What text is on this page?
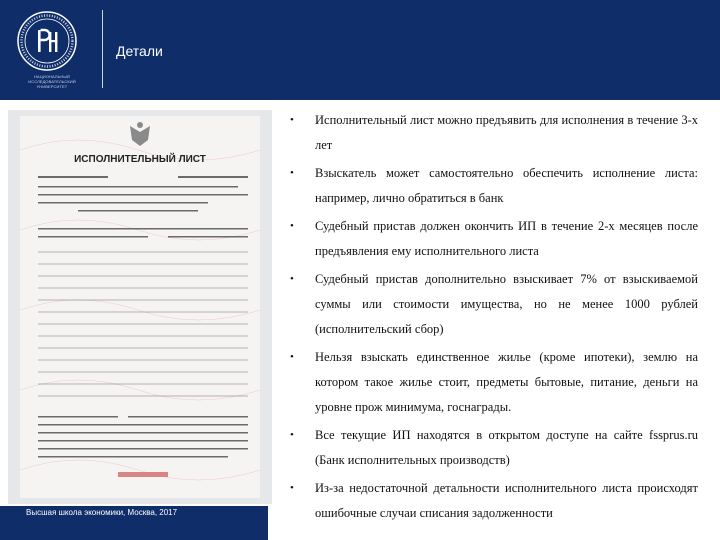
НАЦИОНАЛЬНЫЙ ИССЛЕДОВАТЕЛЬСКИЙ УНИВЕРСИТЕТ
Детали
ИСПОЛНИТЕЛЬНЫЙ ЛИСТ
• Исполнительный лист можно предъявить для исполнения в течение 3-х лет
• Взыскатель может самостоятельно обеспечить исполнение листа: например, лично обратиться в банк
• Судебный пристав должен окончить ИП в течение 2-х месяцев после предъявления ему исполнительного листа
• Судебный пристав дополнительно взыскивает 7% от взыскиваемой суммы или стоимости имущества, но не менее 1000 рублей (исполнительский сбор)
• Нельзя взыскать единственное жилье (кроме ипотеки), землю на котором такое жилье стоит, предметы бытовые, питание, деньги на уровне прож минимума, госнаграды.
• Все текущие ИП находятся в открытом доступе на сайте fssprus.ru (Банк исполнительных производств)
• Из-за недостаточной детальности исполнительного листа происходят ошибочные случаи списания задолженности
Высшая школа экономики, Москва, 2017
